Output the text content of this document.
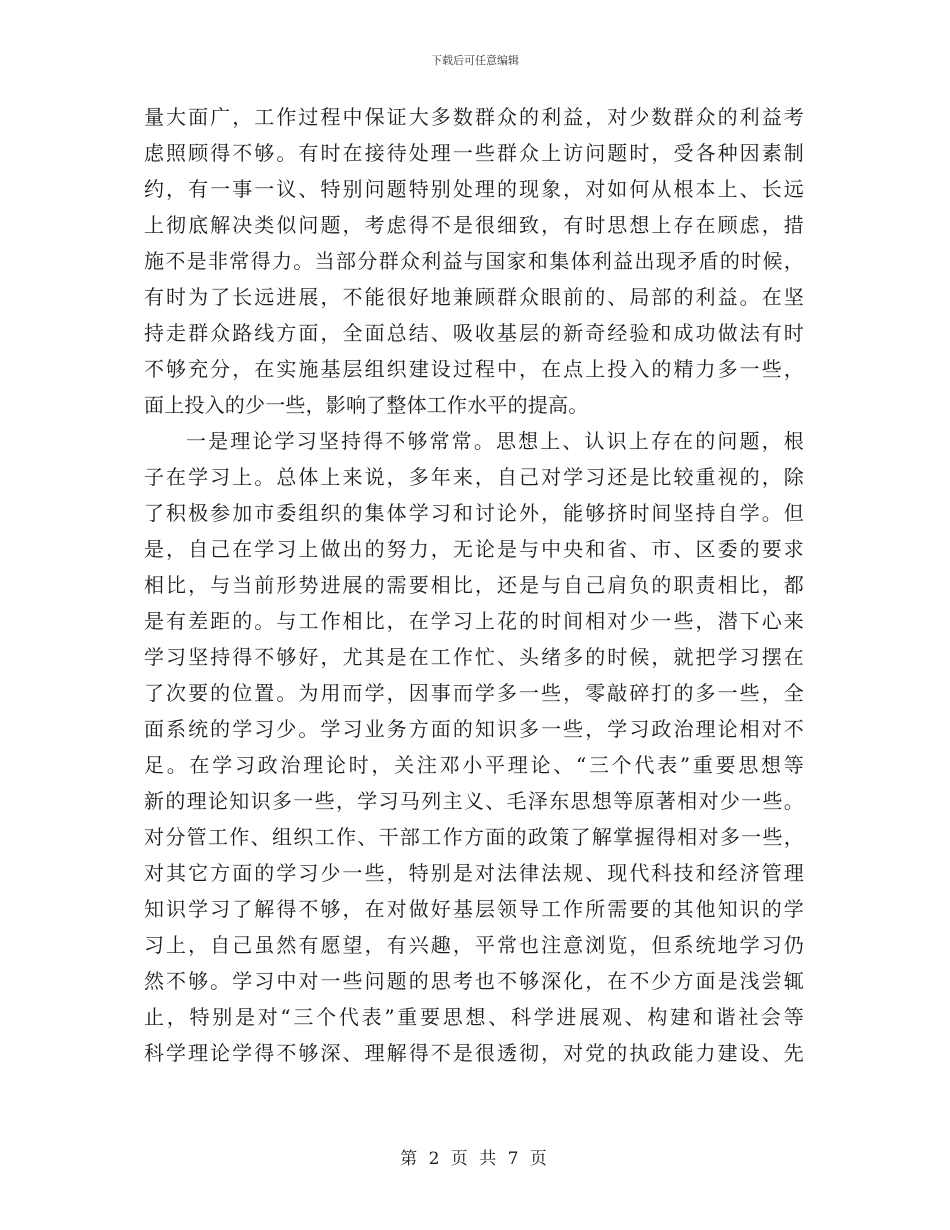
下载后可任意编辑
量大面广，工作过程中保证大多数群众的利益，对少数群众的利益考
虑照顾得不够。有时在接待处理一些群众上访问题时，受各种因素制
约，有一事一议、特别问题特别处理的现象，对如何从根本上、长远
上彻底解决类似问题，考虑得不是很细致，有时思想上存在顾虑，措
施不是非常得力。当部分群众利益与国家和集体利益出现矛盾的时候，
有时为了长远进展，不能很好地兼顾群众眼前的、局部的利益。在坚
持走群众路线方面，全面总结、吸收基层的新奇经验和成功做法有时
不够充分，在实施基层组织建设过程中，在点上投入的精力多一些，
面上投入的少一些，影响了整体工作水平的提高。
一是理论学习坚持得不够常常。思想上、认识上存在的问题，根
子在学习上。总体上来说，多年来，自己对学习还是比较重视的，除
了积极参加市委组织的集体学习和讨论外，能够挤时间坚持自学。但
是，自己在学习上做出的努力，无论是与中央和省、市、区委的要求
相比，与当前形势进展的需要相比，还是与自己肩负的职责相比，都
是有差距的。与工作相比，在学习上花的时间相对少一些，潜下心来
学习坚持得不够好，尤其是在工作忙、头绪多的时候，就把学习摆在
了次要的位置。为用而学，因事而学多一些，零敲碎打的多一些，全
面系统的学习少。学习业务方面的知识多一些，学习政治理论相对不
足。在学习政治理论时，关注邓小平理论、“三个代表”重要思想等
新的理论知识多一些，学习马列主义、毛泽东思想等原著相对少一些。
对分管工作、组织工作、干部工作方面的政策了解掌握得相对多一些，
对其它方面的学习少一些，特别是对法律法规、现代科技和经济管理
知识学习了解得不够，在对做好基层领导工作所需要的其他知识的学
习上，自己虽然有愿望，有兴趣，平常也注意浏览，但系统地学习仍
然不够。学习中对一些问题的思考也不够深化，在不少方面是浅尝辄
止，特别是对“三个代表”重要思想、科学进展观、构建和谐社会等
科学理论学得不够深、理解得不是很透彻，对党的执政能力建设、先
第 2 页 共 7 页
